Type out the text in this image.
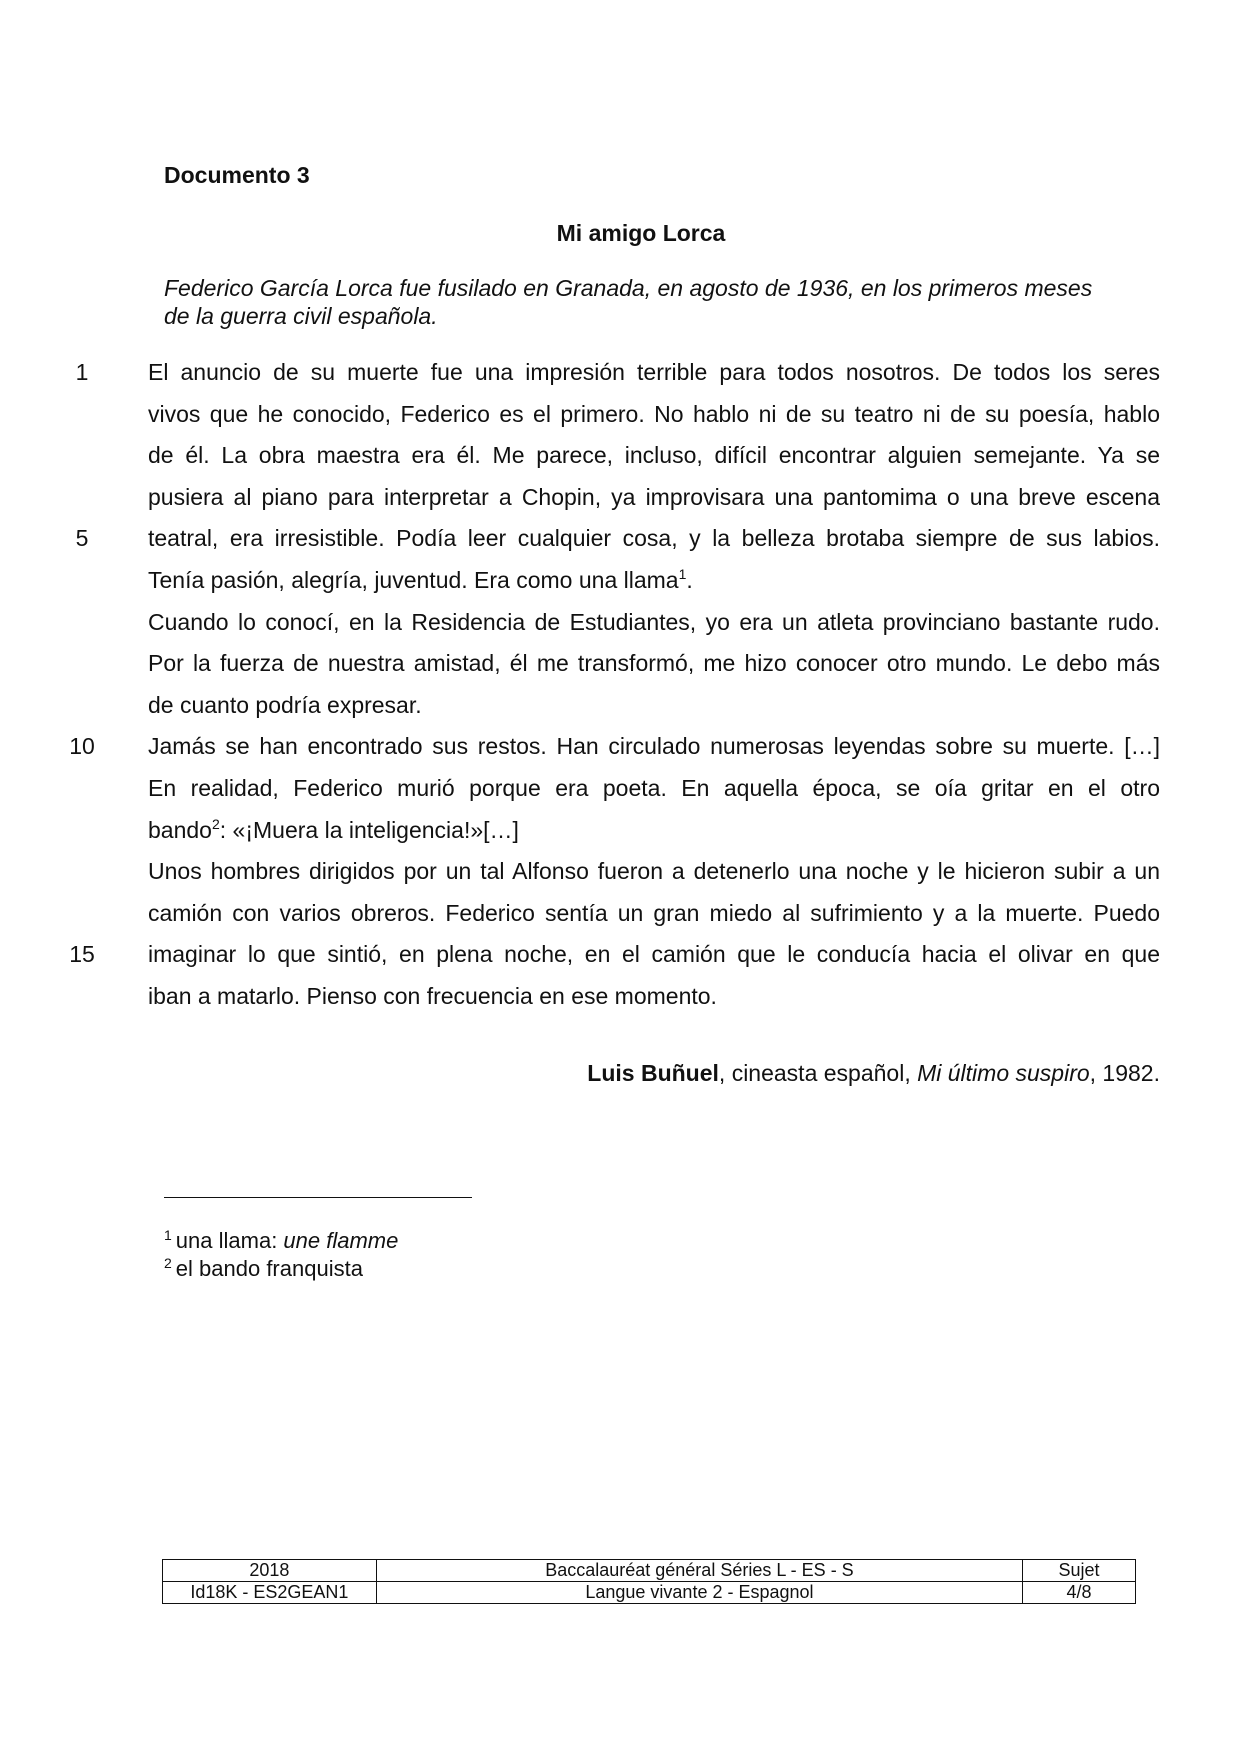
Documento 3
Mi amigo Lorca
Federico García Lorca fue fusilado en Granada, en agosto de 1936, en los primeros meses de la guerra civil española.
1	El anuncio de su muerte fue una impresión terrible para todos nosotros. De todos los seres
vivos que he conocido, Federico es el primero. No hablo ni de su teatro ni de su poesía, hablo
de él. La obra maestra era él. Me parece, incluso, difícil encontrar alguien semejante. Ya se
pusiera al piano para interpretar a Chopin, ya improvisara una pantomima o una breve escena
5	teatral, era irresistible. Podía leer cualquier cosa, y la belleza brotaba siempre de sus labios.
Tenía pasión, alegría, juventud. Era como una llama$^1$.
Cuando lo conocí, en la Residencia de Estudiantes, yo era un atleta provinciano bastante rudo.
Por la fuerza de nuestra amistad, él me transformó, me hizo conocer otro mundo. Le debo más
de cuanto podría expresar.
10	Jamás se han encontrado sus restos. Han circulado numerosas leyendas sobre su muerte. […]
En realidad, Federico murió porque era poeta. En aquella época, se oía gritar en el otro
bando$^2$: «¡Muera la inteligencia!»[…]
Unos hombres dirigidos por un tal Alfonso fueron a detenerlo una noche y le hicieron subir a un
camión con varios obreros. Federico sentía un gran miedo al sufrimiento y a la muerte. Puedo
15	imaginar lo que sintió, en plena noche, en el camión que le conducía hacia el olivar en que
iban a matarlo. Pienso con frecuencia en ese momento.
Luis Buñuel, cineasta español, Mi último suspiro, 1982.
$^1$ una llama: une flamme
$^2$ el bando franquista
2018	Baccalauréat général Séries L - ES - S	Sujet
Id18K - ES2GEAN1	Langue vivante 2 - Espagnol	4/8
